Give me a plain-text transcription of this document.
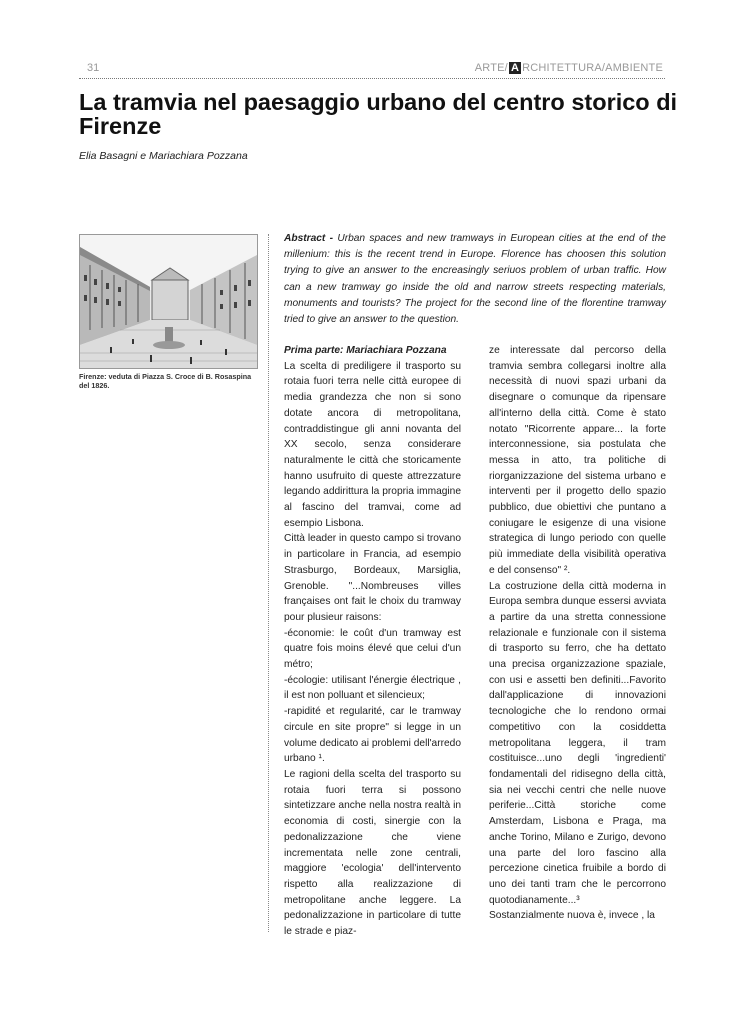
31	ARTE/ A RCHITETTURA/AMBIENTE
La tramvia nel paesaggio urbano del centro storico di Firenze
Elia Basagni e Mariachiara Pozzana
Firenze: veduta di Piazza S. Croce di B. Rosaspina del 1826.

Abstract - Urban spaces and new tramways in European cities at the end of the millenium: this is the recent trend in Europe. Florence has choosen this solution trying to give an answer to the encreasingly seriuos problem of urban traffic. How can a new tramway go inside the old and narrow streets respecting materials, monuments and tourists? The project for the second line of the florentine tramway tried to give an answer to the question.

Prima parte: Mariachiara Pozzana
La scelta di prediligere il trasporto su rotaia fuori terra nelle città europee di media grandezza che non si sono dotate ancora di metropolitana, contraddistingue gli anni novanta del XX secolo, senza considerare naturalmente le città che storicamente hanno usufruito di queste attrezzature legando addirittura la propria immagine al fascino del tramvai, come ad esempio Lisbona.
Città leader in questo campo si trovano in particolare in Francia, ad esempio Strasburgo, Bordeaux, Marsiglia, Grenoble. "...Nombreuses villes françaises ont fait le choix du tramway pour plusieur raisons:
-économie: le coût d'un tramway est quatre fois moins élevé que celui d'un métro;
-écologie: utilisant l'énergie électrique , il est non polluant et silencieux;
-rapidité et regularité, car le tramway circule en site propre" si legge in un volume dedicato ai problemi dell'arredo urbano ¹.
Le ragioni della scelta del trasporto su rotaia fuori terra si possono sintetizzare anche nella nostra realtà in economia di costi, sinergie con la pedonalizzazione che viene incrementata nelle zone centrali, maggiore 'ecologia' dell'intervento rispetto alla realizzazione di metropolitane anche leggere. La pedonalizzazione in particolare di tutte le strade e piaz-
ze interessate dal percorso della tramvia sembra collegarsi inoltre alla necessità di nuovi spazi urbani da disegnare o comunque da ripensare all'interno della città. Come è stato notato "Ricorrente appare... la forte interconnessione, sia postulata che messa in atto, tra politiche di riorganizzazione del sistema urbano e interventi per il progetto dello spazio pubblico, due obiettivi che puntano a coniugare le esigenze di una visione strategica di lungo periodo con quelle più immediate della visibilità operativa e del consenso" ².
La costruzione della città moderna in Europa sembra dunque essersi avviata a partire da una stretta connessione relazionale e funzionale con il sistema di trasporto su ferro, che ha dettato una precisa organizzazione spaziale, con usi e assetti ben definiti...Favorito dall'applicazione di innovazioni tecnologiche che lo rendono ormai competitivo con la cosiddetta metropolitana leggera, il tram costituisce...uno degli 'ingredienti' fondamentali del ridisegno della città, sia nei vecchi centri che nelle nuove periferie...Città storiche come Amsterdam, Lisbona e Praga, ma anche Torino, Milano e Zurigo, devono una parte del loro fascino alla percezione cinetica fruibile a bordo di uno dei tanti tram che le percorrono quotodianamente...³
Sostanzialmente nuova è, invece , la
